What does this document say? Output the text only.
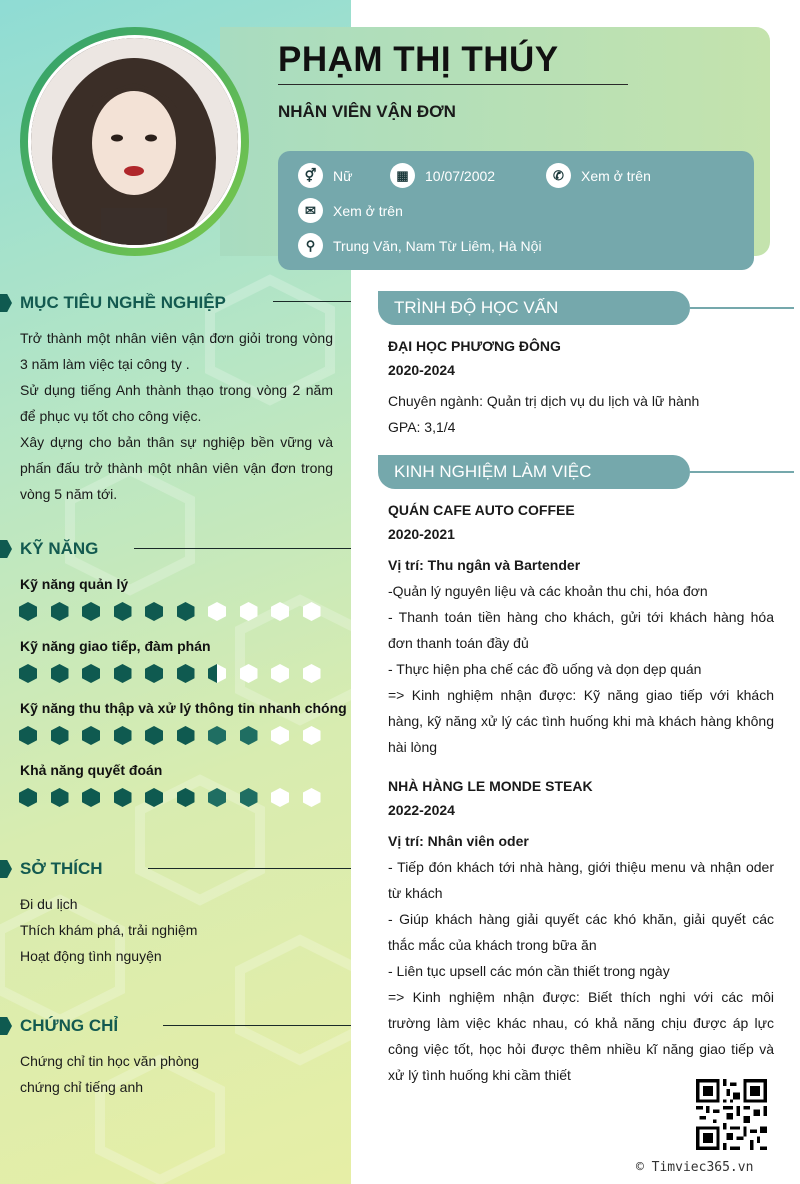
PHẠM THỊ THÚY
NHÂN VIÊN VẬN ĐƠN
⚥	Nữ	▦	10/07/2002	✆	Xem ở trên
✉	Xem ở trên
⚲	Trung Văn, Nam Từ Liêm, Hà Nội
MỤC TIÊU NGHỀ NGHIỆP

Trở thành một nhân viên vận đơn giỏi trong vòng 3 năm làm việc tại công ty .

Sử dụng tiếng Anh thành thạo trong vòng 2 năm để phục vụ tốt cho công việc.

Xây dựng cho bản thân sự nghiệp bền vững và phấn đấu trở thành một nhân viên vận đơn trong vòng 5 năm tới.

KỸ NĂNG
Kỹ năng quản lý
Kỹ năng giao tiếp, đàm phán
Kỹ năng thu thập và xử lý thông tin nhanh chóng
Khả năng quyết đoán
SỞ THÍCH

Đi du lịch

Thích khám phá, trải nghiệm

Hoạt động tình nguyện

CHỨNG CHỈ

Chứng chỉ tin học văn phòng

chứng chỉ tiếng anh

TRÌNH ĐỘ HỌC VẤN

ĐẠI HỌC PHƯƠNG ĐÔNG

2020-2024

Chuyên ngành: Quản trị dịch vụ du lịch và lữ hành

GPA: 3,1/4

KINH NGHIỆM LÀM VIỆC

QUÁN CAFE AUTO COFFEE

2020-2021

Vị trí: Thu ngân và Bartender

-Quản lý nguyên liệu và các khoản thu chi, hóa đơn

- Thanh toán tiền hàng cho khách, gửi tới khách hàng hóa đơn thanh toán đầy đủ

- Thực hiện pha chế các đồ uống và dọn dẹp quán

=> Kinh nghiệm nhận được: Kỹ năng giao tiếp với khách hàng, kỹ năng xử lý các tình huống khi mà khách hàng không hài lòng

NHÀ HÀNG LE MONDE STEAK

2022-2024

Vị trí: Nhân viên oder

- Tiếp đón khách tới nhà hàng, giới thiệu menu và nhận oder từ khách

- Giúp khách hàng giải quyết các khó khăn, giải quyết các thắc mắc của khách trong bữa ăn

- Liên tục upsell các món cần thiết trong ngày

=> Kinh nghiệm nhận được: Biết thích nghi với các môi trường làm việc khác nhau, có khả năng chịu được áp lực công việc tốt, học hỏi được thêm nhiều kĩ năng giao tiếp và xử lý tình huống khi cầm thiết

© Timviec365.vn
